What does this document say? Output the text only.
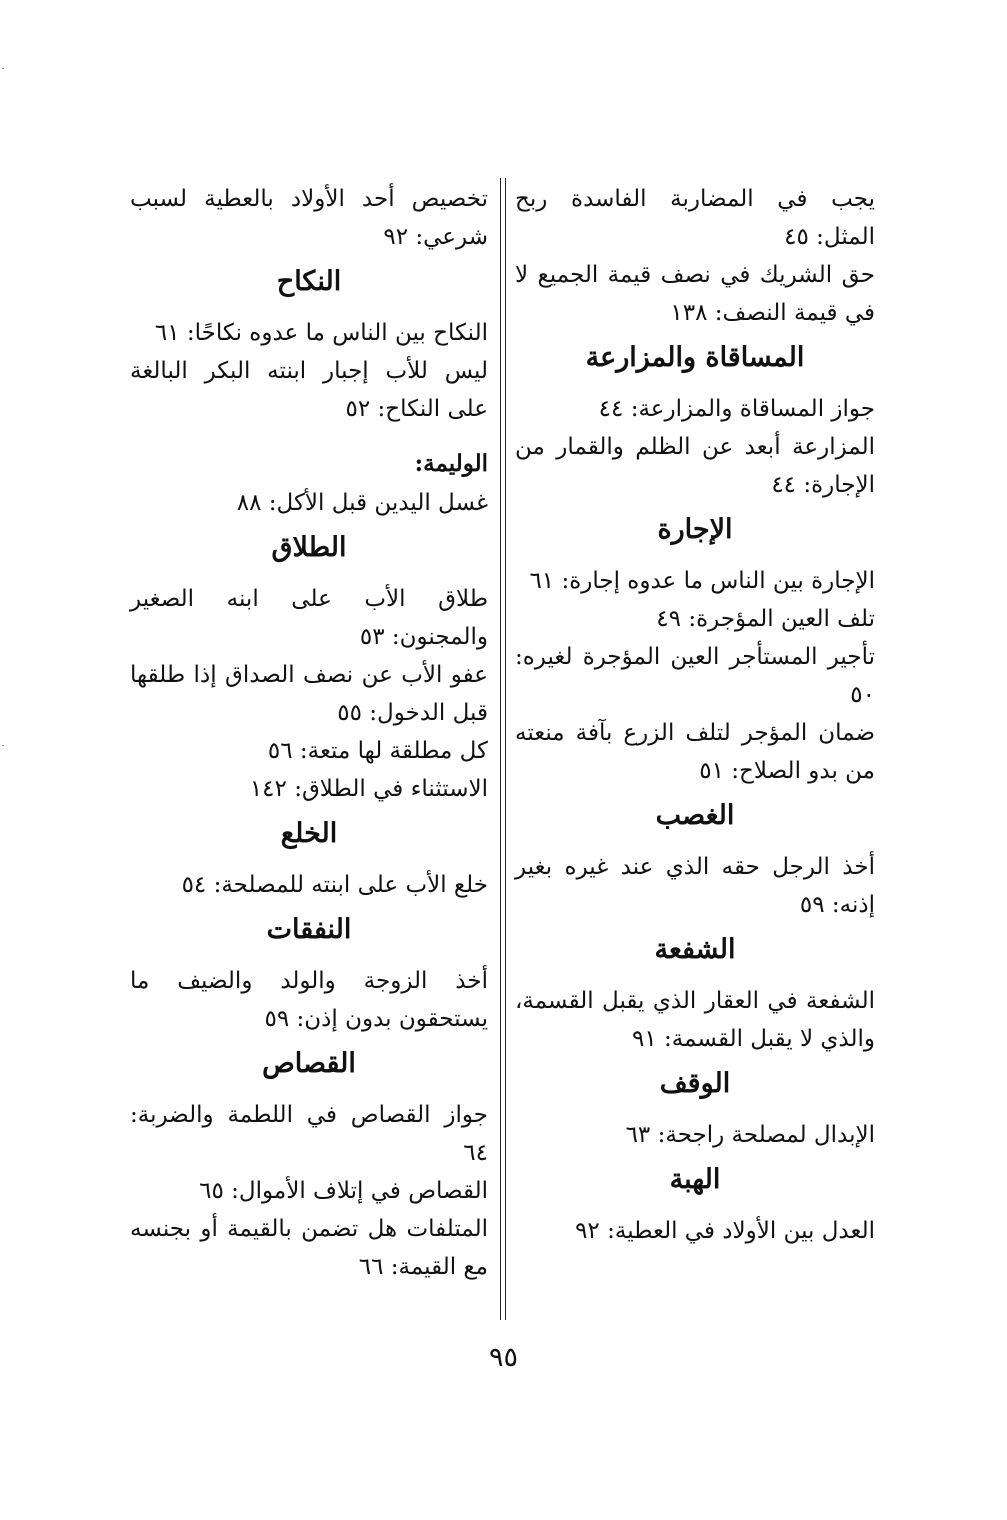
يجب في المضاربة الفاسدة ربح المثل: ٤٥

حق الشريك في نصف قيمة الجميع لا في قيمة النصف: ١٣٨

المساقاة والمزارعة

جواز المساقاة والمزارعة: ٤٤

المزارعة أبعد عن الظلم والقمار من الإجارة: ٤٤

الإجارة

الإجارة بين الناس ما عدوه إجارة: ٦١

تلف العين المؤجرة: ٤٩

تأجير المستأجر العين المؤجرة لغيره: ٥٠

ضمان المؤجر لتلف الزرع بآفة منعته من بدو الصلاح: ٥١

الغصب

أخذ الرجل حقه الذي عند غيره بغير إذنه: ٥٩

الشفعة

الشفعة في العقار الذي يقبل القسمة، والذي لا يقبل القسمة: ٩١

الوقف

الإبدال لمصلحة راجحة: ٦٣

الهبة

العدل بين الأولاد في العطية: ٩٢

تخصيص أحد الأولاد بالعطية لسبب شرعي: ٩٢

النكاح

النكاح بين الناس ما عدوه نكاحًا: ٦١

ليس للأب إجبار ابنته البكر البالغة على النكاح: ٥٢

الوليمة:

غسل اليدين قبل الأكل: ٨٨

الطلاق

طلاق الأب على ابنه الصغير والمجنون: ٥٣

عفو الأب عن نصف الصداق إذا طلقها قبل الدخول: ٥٥

كل مطلقة لها متعة: ٥٦

الاستثناء في الطلاق: ١٤٢

الخلع

خلع الأب على ابنته للمصلحة: ٥٤

النفقات

أخذ الزوجة والولد والضيف ما يستحقون بدون إذن: ٥٩

القصاص

جواز القصاص في اللطمة والضربة: ٦٤

القصاص في إتلاف الأموال: ٦٥

المتلفات هل تضمن بالقيمة أو بجنسه مع القيمة: ٦٦

٩٥
